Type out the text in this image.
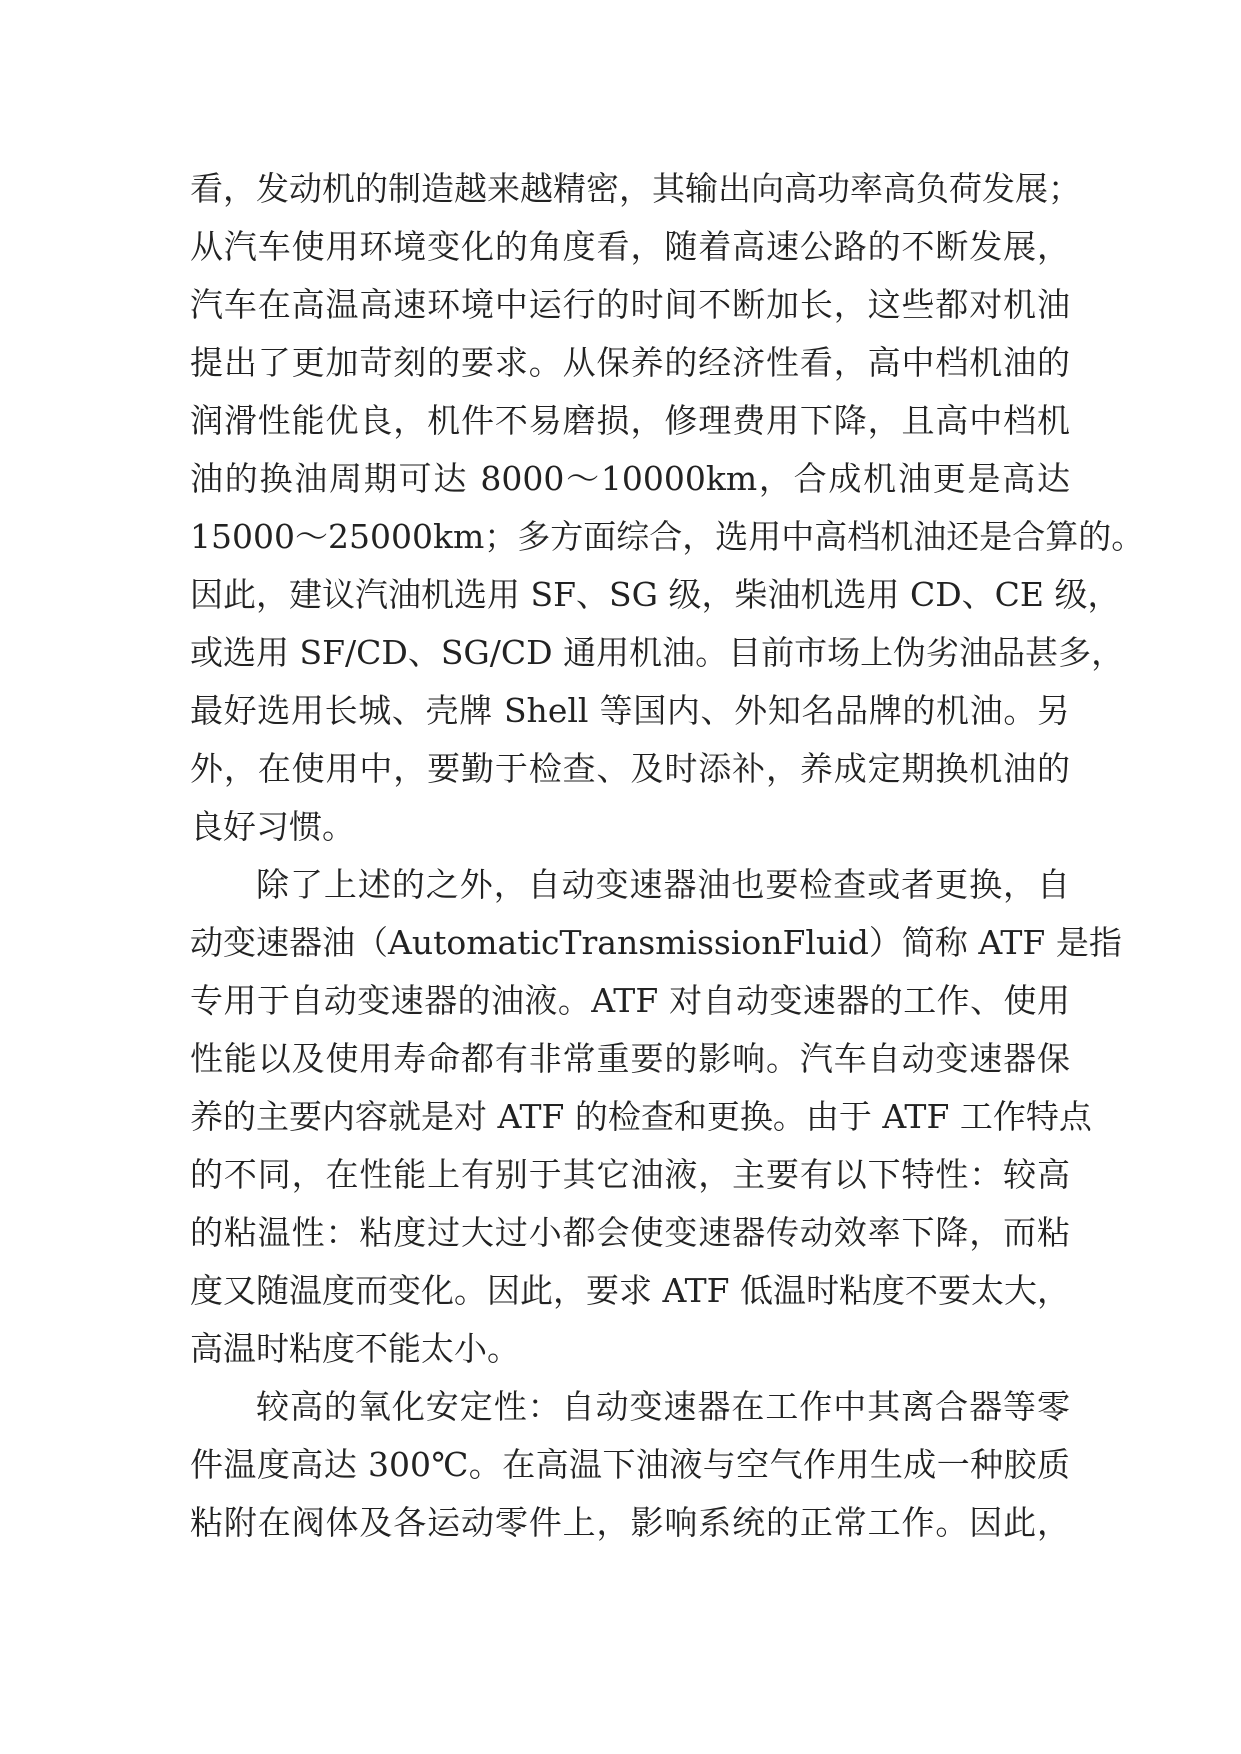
看，发动机的制造越来越精密，其输出向高功率高负荷发展；
从汽车使用环境变化的角度看，随着高速公路的不断发展，
汽车在高温高速环境中运行的时间不断加长，这些都对机油
提出了更加苛刻的要求。从保养的经济性看，高中档机油的
润滑性能优良，机件不易磨损，修理费用下降，且高中档机
油的换油周期可达 8000～10000km，合成机油更是高达
15000～25000km；多方面综合，选用中高档机油还是合算的。
因此，建议汽油机选用 SF、SG 级，柴油机选用 CD、CE 级，
或选用 SF/CD、SG/CD 通用机油。目前市场上伪劣油品甚多，
最好选用长城、壳牌 Shell 等国内、外知名品牌的机油。另
外，在使用中，要勤于检查、及时添补，养成定期换机油的
良好习惯。
除了上述的之外，自动变速器油也要检查或者更换，自
动变速器油（AutomaticTransmissionFluid）简称 ATF 是指
专用于自动变速器的油液。ATF 对自动变速器的工作、使用
性能以及使用寿命都有非常重要的影响。汽车自动变速器保
养的主要内容就是对 ATF 的检查和更换。由于 ATF 工作特点
的不同，在性能上有别于其它油液，主要有以下特性：较高
的粘温性：粘度过大过小都会使变速器传动效率下降，而粘
度又随温度而变化。因此，要求 ATF 低温时粘度不要太大，
高温时粘度不能太小。
较高的氧化安定性：自动变速器在工作中其离合器等零
件温度高达 300℃。在高温下油液与空气作用生成一种胶质
粘附在阀体及各运动零件上，影响系统的正常工作。因此，
